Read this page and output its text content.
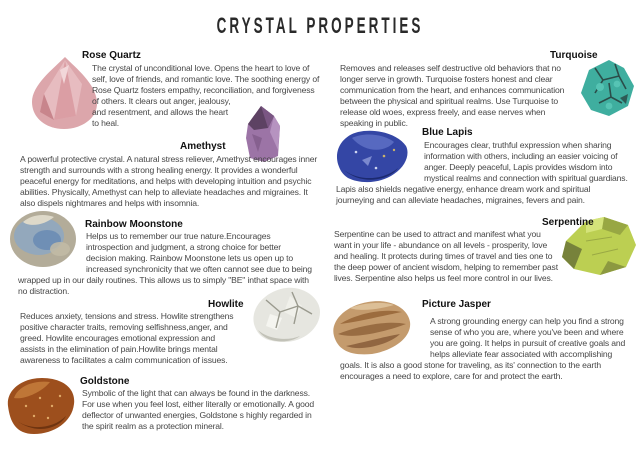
CRYSTAL PROPERTIES
Rose Quartz
The crystal of unconditional love. Opens the heart to love of self, love of friends, and romantic love. The soothing energy of Rose Quartz fosters empathy, reconciliation, and forgiveness of others. It clears out anger, jealousy, and resentment, and allows the heart to heal.
Amethyst
A powerful protective crystal. A natural stress reliever, Amethyst encourages inner strength and surrounds with a strong healing energy. It provides a wonderful peaceful energy for meditations, and helps with developing intuition and psychic abilities. Physically, Amethyst can help to alleviate headaches and migraines. It also dispels nightmares and helps with insomnia.
Rainbow Moonstone
Helps us to remember our true nature.Encourages introspection and judgment, a strong choice for better decision making. Rainbow Moonstone lets us open up to increased synchronicity that we often cannot see due to being wrapped up in our daily routines. This allows us to simply "BE" inthat space with no distraction.
Howlite
Reduces anxiety, tensions and stress. Howlite strengthens positive character traits, removing selfishness,anger, and greed. Howlite encourages emotional expression and assists in the elimination of pain.Howlite brings mental awareness to facilitates a calm communication of issues.
Goldstone
Symbolic of the light that can always be found in the darkness. For use when you feel lost, either literally or emotionally. A good deflector of unwanted energies, Goldstone s highly regarded in the spirit realm as a protection mineral.
Turquoise
Removes and releases self destructive old behaviors that no longer serve in growth. Turquoise fosters honest and clear communication from the heart, and enhances communication between the physical and spiritual realms. Use Turquoise to release old woes, express freely, and ease nerves when speaking in public.
Blue Lapis
Encourages clear, truthful expression when sharing information with others, including an easier voicing of anger. Deeply peaceful, Lapis provides wisdom into mystical realms and connection with spiritual guardians. Lapis also shields negative energy, enhance dream work and spiritual journeying and can alleviate headaches, migraines, fevers and pain.
Serpentine
Serpentine can be used to attract and manifest what you want in your life - abundance on all levels - prosperity, love and healing. It protects during times of travel and ties one to the deep power of ancient wisdom, helping to remember past lives. Serpentine also helps us feel more control in our lives.
Picture Jasper
A strong grounding energy can help you find a strong sense of who you are, where you've been and where you are going. It helps in pursuit of creative goals and helps alleviate fear associated with accomplishing goals. It is also a good stone for traveling, as its' connection to the earth encourages a need to explore, care for and protect the earth.
